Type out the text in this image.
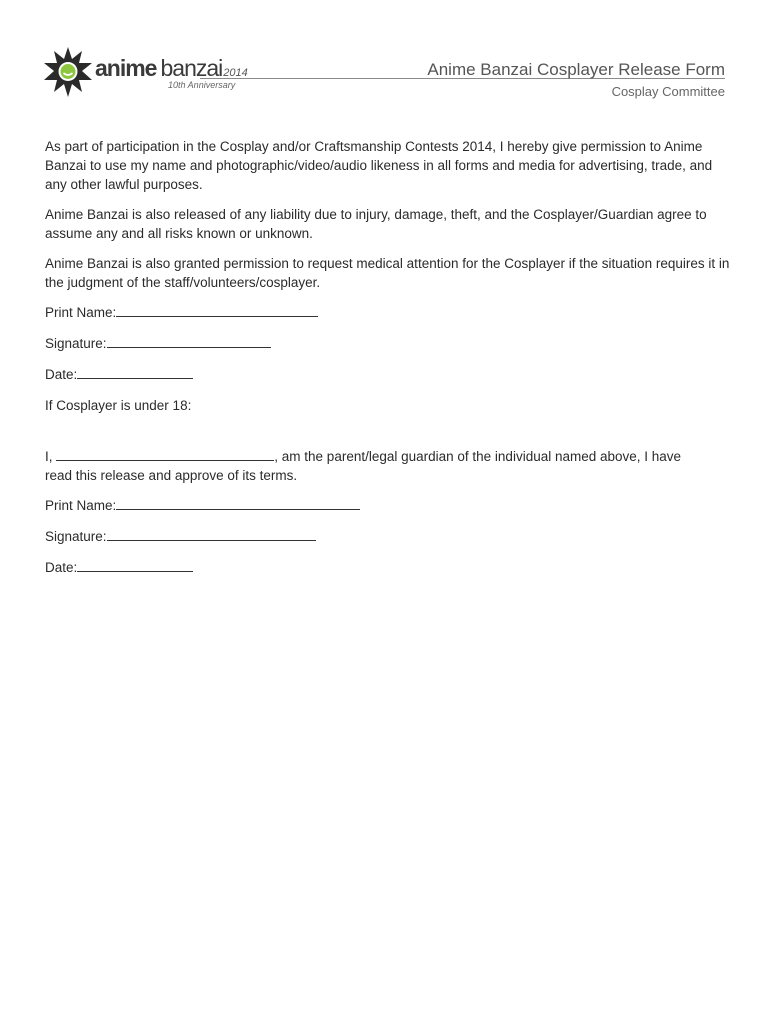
anime banzai2014
10th Anniversary
Anime Banzai Cosplayer Release Form
Cosplay Committee

As part of participation in the Cosplay and/or Craftsmanship Contests 2014, I hereby give permission to Anime Banzai to use my name and photographic/video/audio likeness in all forms and media for advertising, trade, and any other lawful purposes.

Anime Banzai is also released of any liability due to injury, damage, theft, and the Cosplayer/Guardian agree to assume any and all risks known or unknown.

Anime Banzai is also granted permission to request medical attention for the Cosplayer if the situation requires it in the judgment of the staff/volunteers/cosplayer.

Print Name:
Signature:
Date:
If Cosplayer is under 18:
I,	, am the parent/legal guardian of the individual named above, I have
read this release and approve of its terms.
Print Name:
Signature:
Date:
